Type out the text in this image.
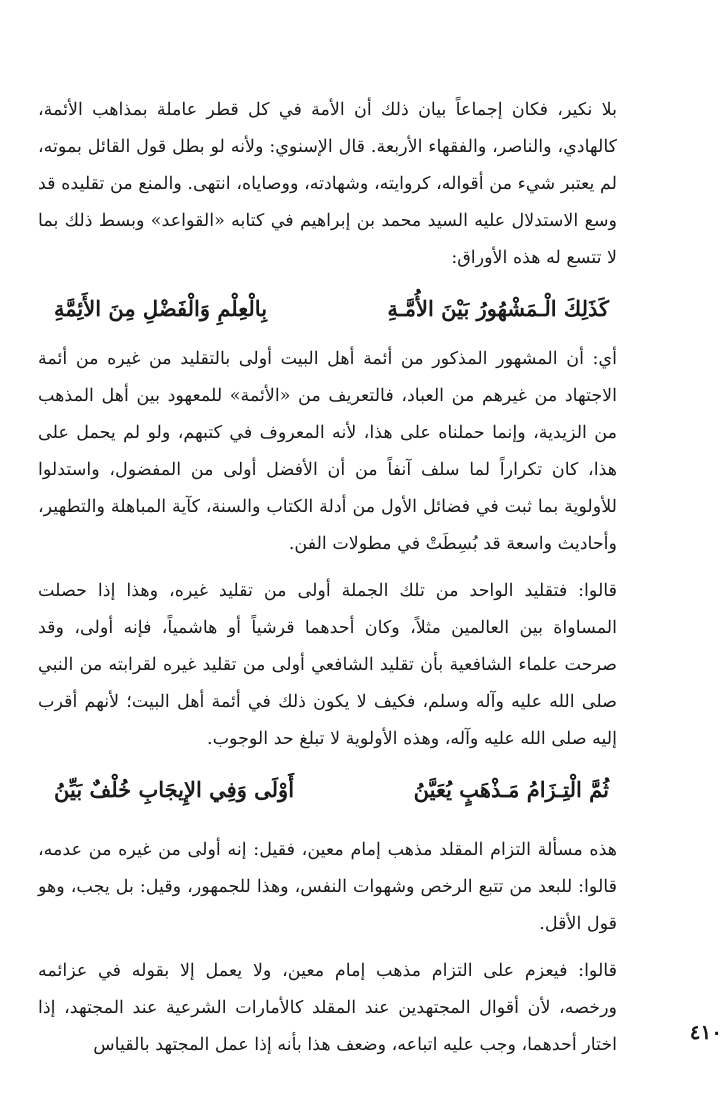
بلا نكير، فكان إجماعاً بيان ذلك أن الأمة في كل قطر عاملة بمذاهب الأئمة، كالهادي، والناصر، والفقهاء الأربعة. قال الإسنوي: ولأنه لو بطل قول القائل بموته، لم يعتبر شيء من أقواله، كروايته، وشهادته، ووصاياه، انتهى. والمنع من تقليده قد وسع الاستدلال عليه السيد محمد بن إبراهيم في كتابه «القواعد» وبسط ذلك بما لا تتسع له هذه الأوراق:

كَذَلِكَ الْـمَشْهُورُ بَيْنَ الأُمَّـةِ
بِالْعِلْمِ وَالْفَضْلِ مِنَ الأَئِمَّةِ

أي: أن المشهور المذكور من أئمة أهل البيت أولى بالتقليد من غيره من أئمة الاجتهاد من غيرهم من العباد، فالتعريف من «الأئمة» للمعهود بين أهل المذهب من الزيدية، وإنما حملناه على هذا، لأنه المعروف في كتبهم، ولو لم يحمل على هذا، كان تكراراً لما سلف آنفاً من أن الأفضل أولى من المفضول، واستدلوا للأولوية بما ثبت في فضائل الأول من أدلة الكتاب والسنة، كآية المباهلة والتطهير، وأحاديث واسعة قد بُسِطَتْ في مطولات الفن.

قالوا: فتقليد الواحد من تلك الجملة أولى من تقليد غيره، وهذا إذا حصلت المساواة بين العالمين مثلاً، وكان أحدهما قرشياً أو هاشمياً، فإنه أولى، وقد صرحت علماء الشافعية بأن تقليد الشافعي أولى من تقليد غيره لقرابته من النبي صلى الله عليه وآله وسلم، فكيف لا يكون ذلك في أئمة أهل البيت؛ لأنهم أقرب إليه صلى الله عليه وآله، وهذه الأولوية لا تبلغ حد الوجوب.

ثُمَّ الْتِـزَامُ مَـذْهَبٍ يُعَيَّنُ
أَوْلَى وَفِي الإِيجَابِ خُلْفٌ بَيِّنُ

هذه مسألة التزام المقلد مذهب إمام معين، فقيل: إنه أولى من غيره من عدمه، قالوا: للبعد من تتبع الرخص وشهوات النفس، وهذا للجمهور، وقيل: بل يجب، وهو قول الأقل.

قالوا: فيعزم على التزام مذهب إمام معين، ولا يعمل إلا بقوله في عزائمه ورخصه، لأن أقوال المجتهدين عند المقلد كالأمارات الشرعية عند المجتهد، إذا اختار أحدهما، وجب عليه اتباعه، وضعف هذا بأنه إذا عمل المجتهد بالقياس

٤١٠
